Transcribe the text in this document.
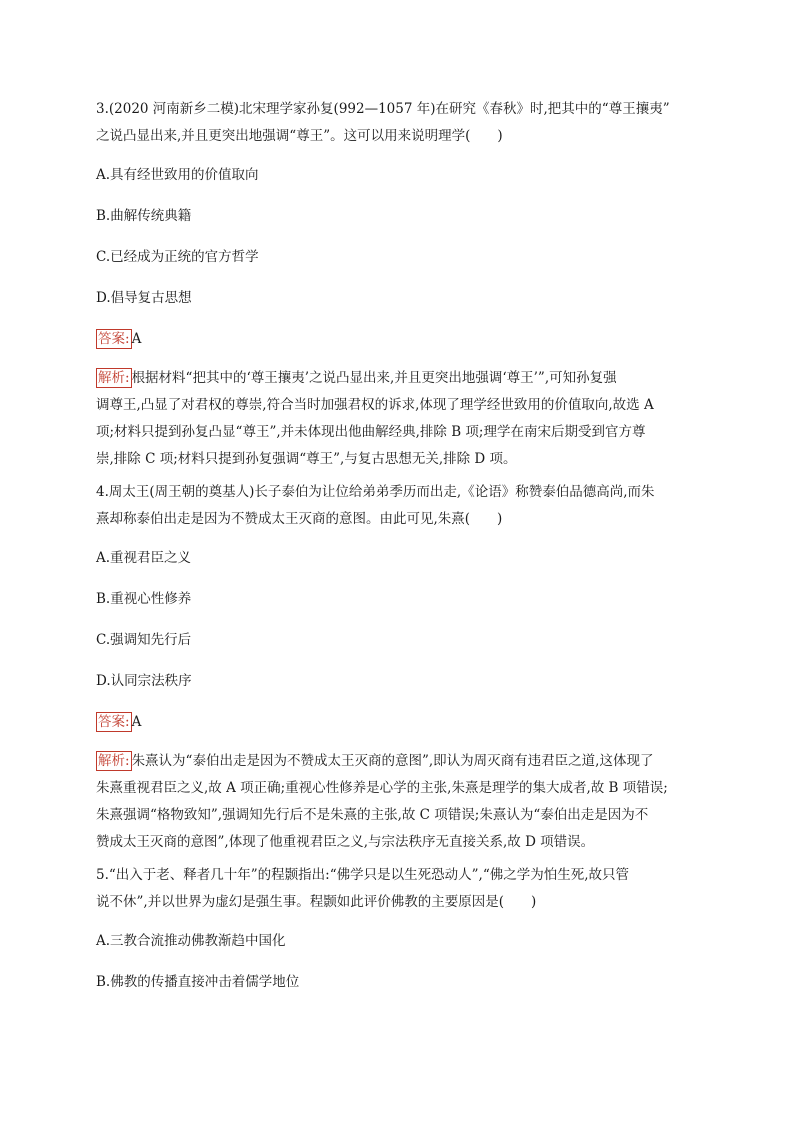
3.(2020 河南新乡二模)北宋理学家孙复(992—1057 年)在研究《春秋》时,把其中的“尊王攘夷”
之说凸显出来,并且更突出地强调“尊王”。这可以用来说明理学(　　)
A.具有经世致用的价值取向
B.曲解传统典籍
C.已经成为正统的官方哲学
D.倡导复古思想
答案: A
解析: 根据材料“把其中的‘尊王攘夷’之说凸显出来,并且更突出地强调‘尊王’”,可知孙复强
调尊王,凸显了对君权的尊崇,符合当时加强君权的诉求,体现了理学经世致用的价值取向,故选 A
项;材料只提到孙复凸显“尊王”,并未体现出他曲解经典,排除 B 项;理学在南宋后期受到官方尊
崇,排除 C 项;材料只提到孙复强调“尊王”,与复古思想无关,排除 D 项。
4.周太王(周王朝的奠基人)长子泰伯为让位给弟弟季历而出走,《论语》称赞泰伯品德高尚,而朱
熹却称泰伯出走是因为不赞成太王灭商的意图。由此可见,朱熹(　　)
A.重视君臣之义
B.重视心性修养
C.强调知先行后
D.认同宗法秩序
答案: A
解析: 朱熹认为“泰伯出走是因为不赞成太王灭商的意图”,即认为周灭商有违君臣之道,这体现了
朱熹重视君臣之义,故 A 项正确;重视心性修养是心学的主张,朱熹是理学的集大成者,故 B 项错误;
朱熹强调“格物致知”,强调知先行后不是朱熹的主张,故 C 项错误;朱熹认为“泰伯出走是因为不
赞成太王灭商的意图”,体现了他重视君臣之义,与宗法秩序无直接关系,故 D 项错误。
5.“出入于老、释者几十年”的程颢指出:“佛学只是以生死恐动人”,“佛之学为怕生死,故只管
说不休”,并以世界为虚幻是强生事。程颢如此评价佛教的主要原因是(　　)
A.三教合流推动佛教渐趋中国化
B.佛教的传播直接冲击着儒学地位
